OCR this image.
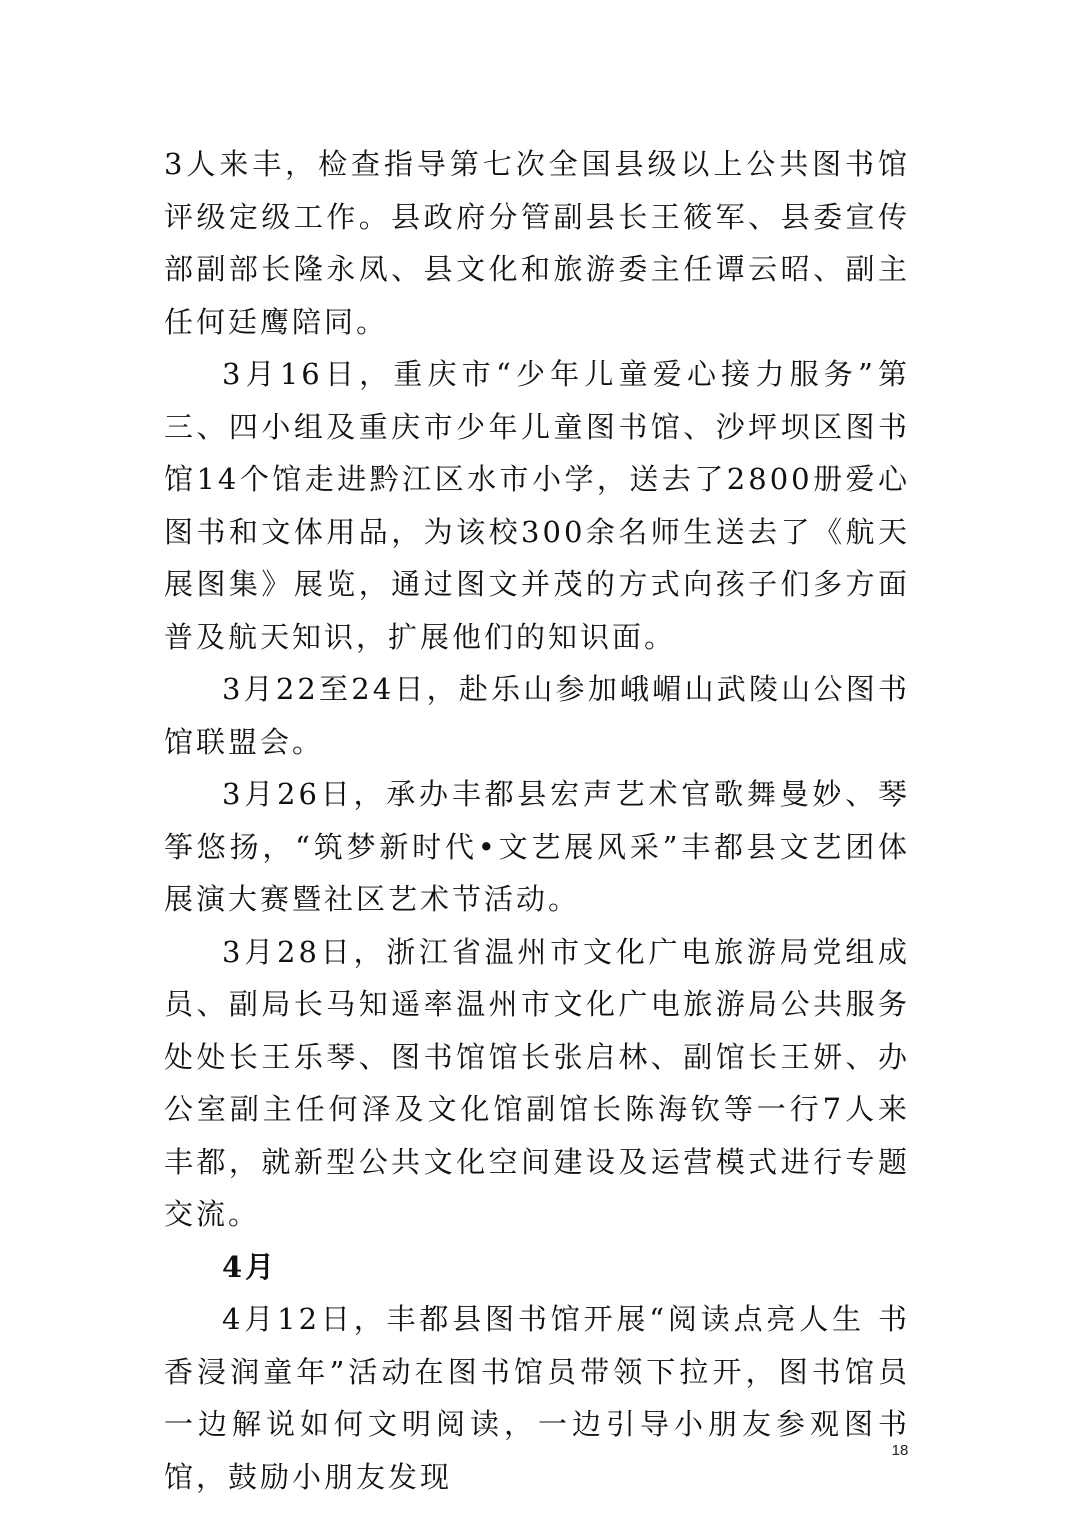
3人来丰，检查指导第七次全国县级以上公共图书馆评级定级工作。县政府分管副县长王筱军、县委宣传部副部长隆永凤、县文化和旅游委主任谭云昭、副主任何廷鹰陪同。

3月16日，重庆市“少年儿童爱心接力服务”第三、四小组及重庆市少年儿童图书馆、沙坪坝区图书馆14个馆走进黔江区水市小学，送去了2800册爱心图书和文体用品，为该校300余名师生送去了《航天展图集》展览，通过图文并茂的方式向孩子们多方面普及航天知识，扩展他们的知识面。

3月22至24日，赴乐山参加峨嵋山武陵山公图书馆联盟会。

3月26日，承办丰都县宏声艺术官歌舞曼妙、琴筝悠扬，“筑梦新时代•文艺展风采”丰都县文艺团体展演大赛暨社区艺术节活动。

3月28日，浙江省温州市文化广电旅游局党组成员、副局长马知遥率温州市文化广电旅游局公共服务处处长王乐琴、图书馆馆长张启林、副馆长王妍、办公室副主任何泽及文化馆副馆长陈海钦等一行7人来丰都，就新型公共文化空间建设及运营模式进行专题交流。

4月

4月12日，丰都县图书馆开展“阅读点亮人生 书香浸润童年”活动在图书馆员带领下拉开，图书馆员一边解说如何文明阅读，一边引导小朋友参观图书馆，鼓励小朋友发现

18
